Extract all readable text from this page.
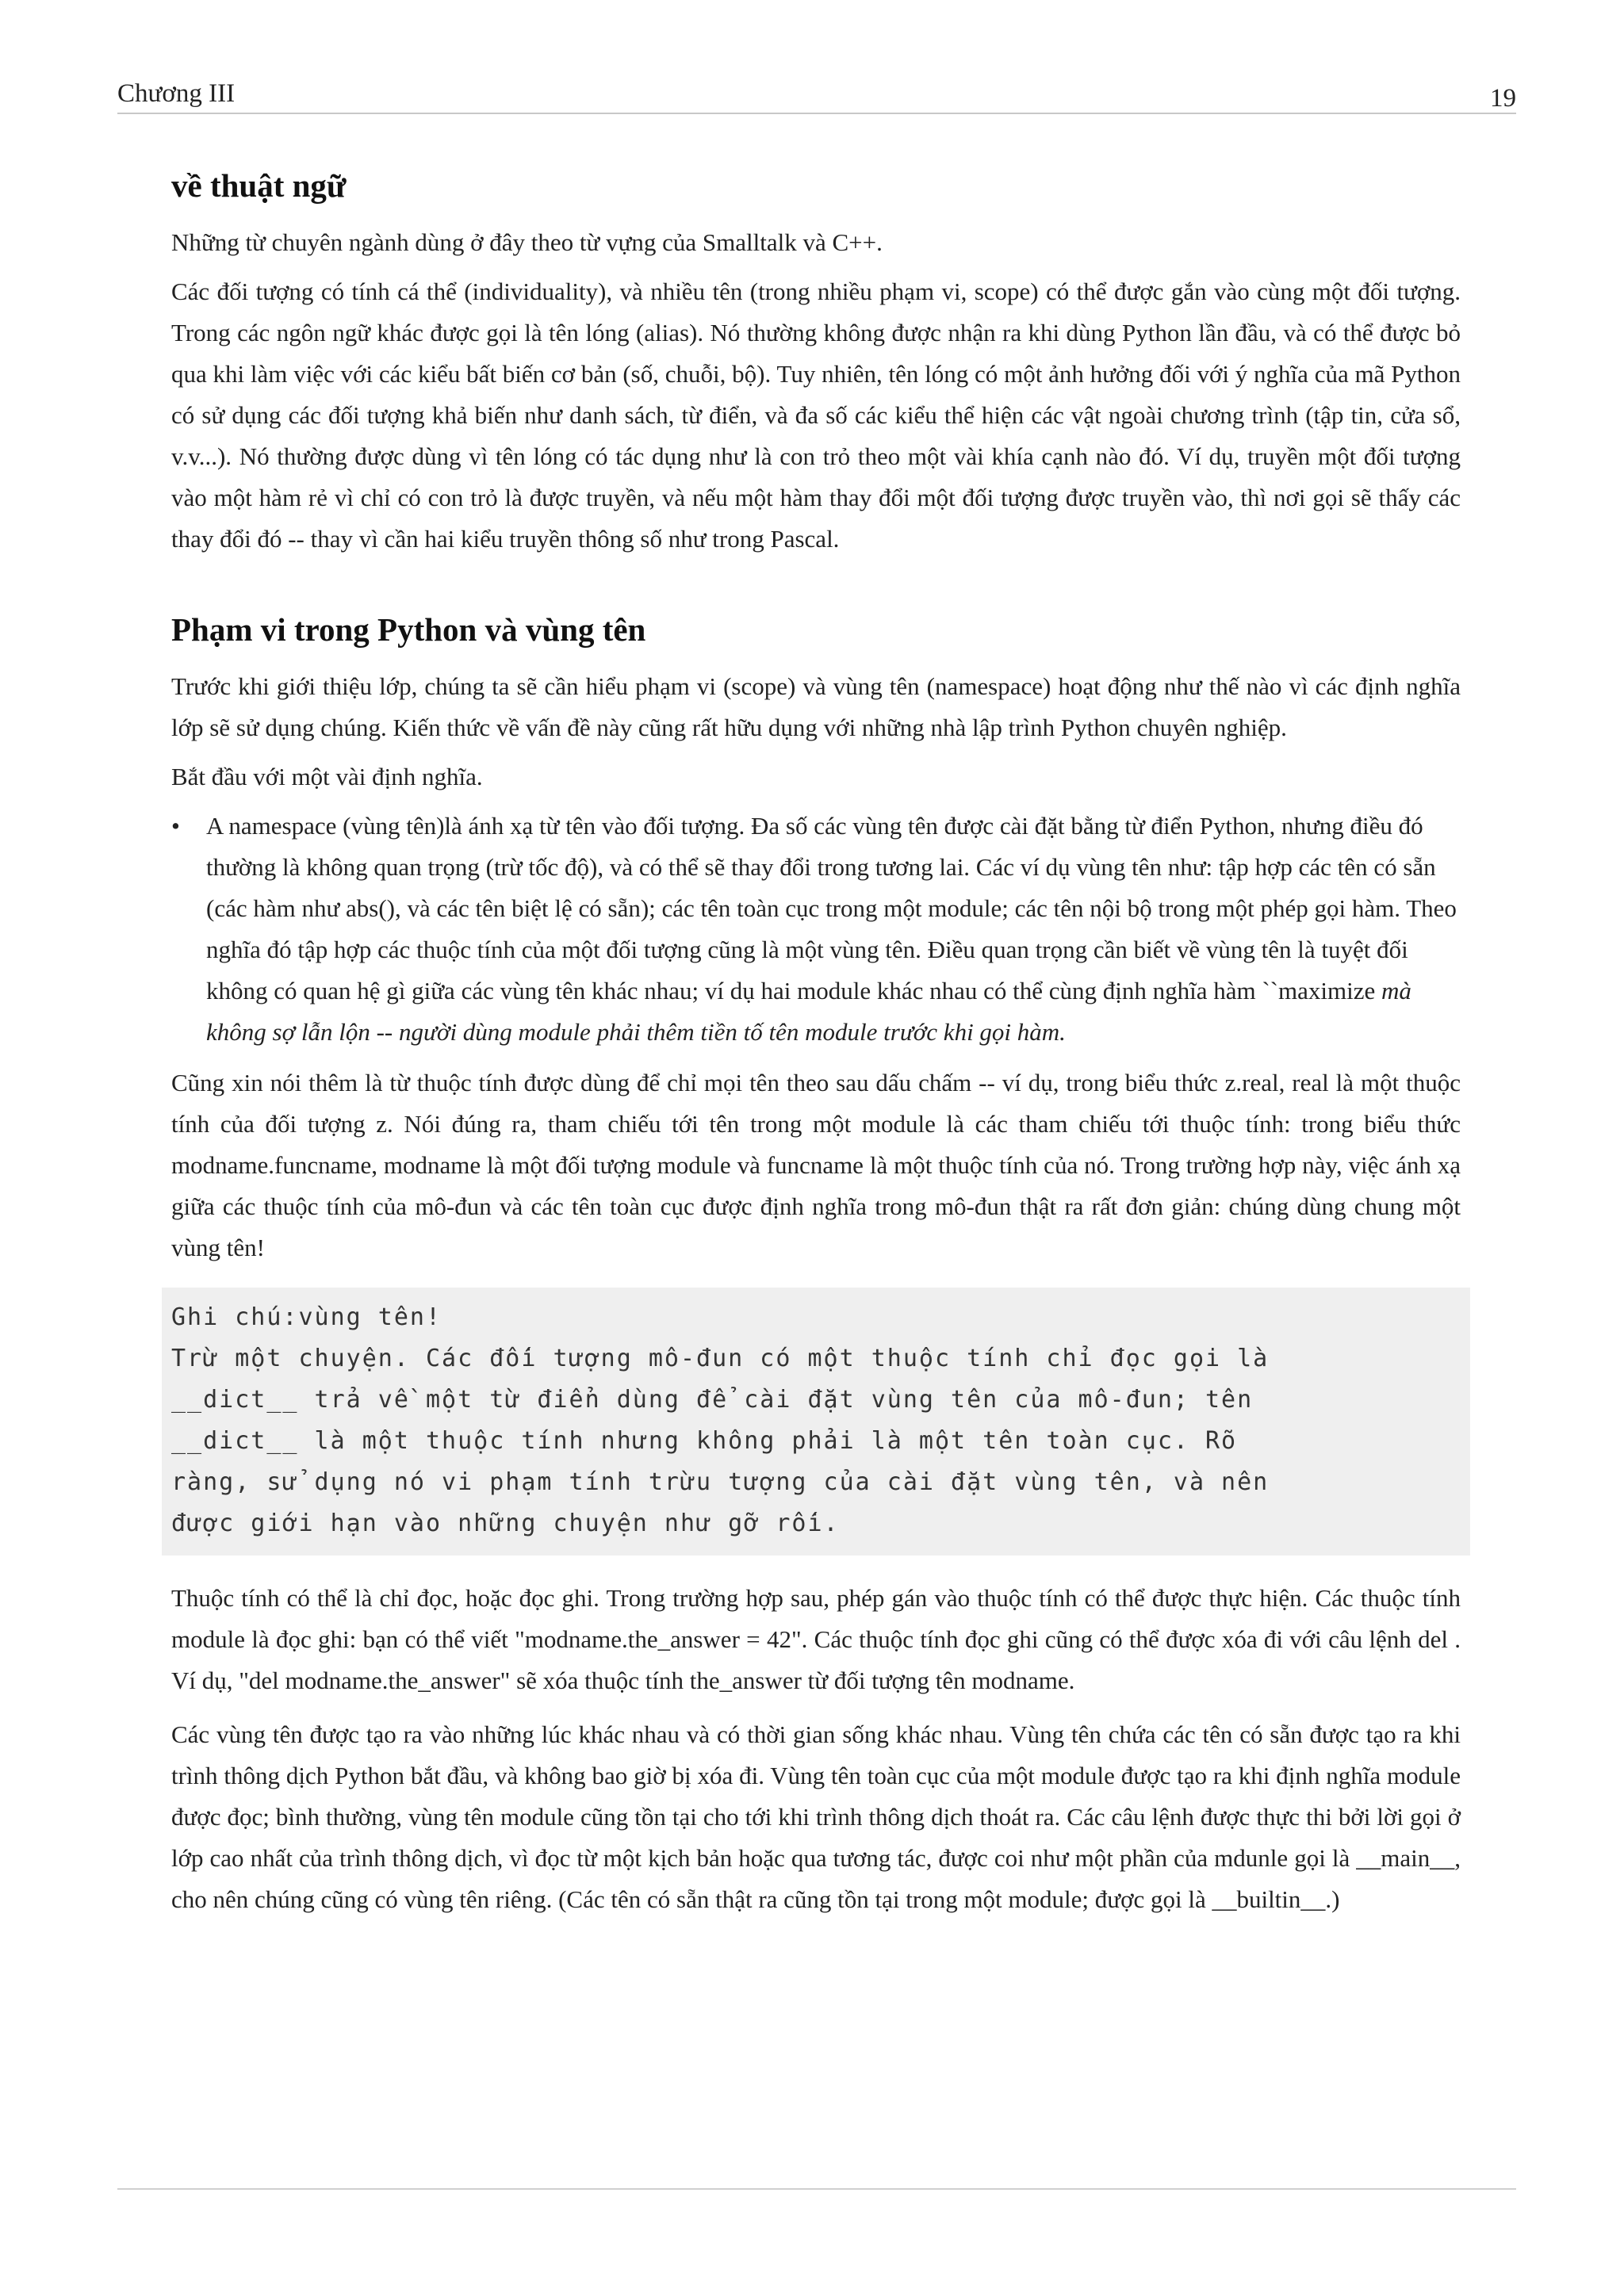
Chương III	19
về thuật ngữ

Những từ chuyên ngành dùng ở đây theo từ vựng của Smalltalk và C++.

Các đối tượng có tính cá thể (individuality), và nhiều tên (trong nhiều phạm vi, scope) có thể được gắn vào cùng một đối tượng. Trong các ngôn ngữ khác được gọi là tên lóng (alias). Nó thường không được nhận ra khi dùng Python lần đầu, và có thể được bỏ qua khi làm việc với các kiểu bất biến cơ bản (số, chuỗi, bộ). Tuy nhiên, tên lóng có một ảnh hưởng đối với ý nghĩa của mã Python có sử dụng các đối tượng khả biến như danh sách, từ điển, và đa số các kiểu thể hiện các vật ngoài chương trình (tập tin, cửa sổ, v.v...). Nó thường được dùng vì tên lóng có tác dụng như là con trỏ theo một vài khía cạnh nào đó. Ví dụ, truyền một đối tượng vào một hàm rẻ vì chỉ có con trỏ là được truyền, và nếu một hàm thay đổi một đối tượng được truyền vào, thì nơi gọi sẽ thấy các thay đổi đó -- thay vì cần hai kiểu truyền thông số như trong Pascal.

Phạm vi trong Python và vùng tên

Trước khi giới thiệu lớp, chúng ta sẽ cần hiểu phạm vi (scope) và vùng tên (namespace) hoạt động như thế nào vì các định nghĩa lớp sẽ sử dụng chúng. Kiến thức về vấn đề này cũng rất hữu dụng với những nhà lập trình Python chuyên nghiệp.

Bắt đầu với một vài định nghĩa.

• A namespace (vùng tên)là ánh xạ từ tên vào đối tượng. Đa số các vùng tên được cài đặt bằng từ điển Python, nhưng điều đó thường là không quan trọng (trừ tốc độ), và có thể sẽ thay đổi trong tương lai. Các ví dụ vùng tên như: tập hợp các tên có sẵn (các hàm như abs(), và các tên biệt lệ có sẵn); các tên toàn cục trong một module; các tên nội bộ trong một phép gọi hàm. Theo nghĩa đó tập hợp các thuộc tính của một đối tượng cũng là một vùng tên. Điều quan trọng cần biết về vùng tên là tuyệt đối không có quan hệ gì giữa các vùng tên khác nhau; ví dụ hai module khác nhau có thể cùng định nghĩa hàm ``maximize mà không sợ lẫn lộn -- người dùng module phải thêm tiền tố tên module trước khi gọi hàm.

Cũng xin nói thêm là từ thuộc tính được dùng để chỉ mọi tên theo sau dấu chấm -- ví dụ, trong biểu thức z.real, real là một thuộc tính của đối tượng z. Nói đúng ra, tham chiếu tới tên trong một module là các tham chiếu tới thuộc tính: trong biểu thức modname.funcname, modname là một đối tượng module và funcname là một thuộc tính của nó. Trong trường hợp này, việc ánh xạ giữa các thuộc tính của mô-đun và các tên toàn cục được định nghĩa trong mô-đun thật ra rất đơn giản: chúng dùng chung một vùng tên!

Ghi chú:vùng tên!
Trừ một chuyện. Các đối tượng mô-đun có một thuộc tính chỉ đọc gọi là
__dict__ trả về một từ điển dùng để cài đặt vùng tên của mô-đun; tên
__dict__ là một thuộc tính nhưng không phải là một tên toàn cục. Rõ
ràng, sử dụng nó vi phạm tính trừu tượng của cài đặt vùng tên, và nên
được giới hạn vào những chuyện như gỡ rối.

Thuộc tính có thể là chỉ đọc, hoặc đọc ghi. Trong trường hợp sau, phép gán vào thuộc tính có thể được thực hiện. Các thuộc tính module là đọc ghi: bạn có thể viết "modname.the_answer = 42". Các thuộc tính đọc ghi cũng có thể được xóa đi với câu lệnh del . Ví dụ, "del modname.the_answer" sẽ xóa thuộc tính the_answer từ đối tượng tên modname.

Các vùng tên được tạo ra vào những lúc khác nhau và có thời gian sống khác nhau. Vùng tên chứa các tên có sẵn được tạo ra khi trình thông dịch Python bắt đầu, và không bao giờ bị xóa đi. Vùng tên toàn cục của một module được tạo ra khi định nghĩa module được đọc; bình thường, vùng tên module cũng tồn tại cho tới khi trình thông dịch thoát ra. Các câu lệnh được thực thi bởi lời gọi ở lớp cao nhất của trình thông dịch, vì đọc từ một kịch bản hoặc qua tương tác, được coi như một phần của mdunle gọi là __main__, cho nên chúng cũng có vùng tên riêng. (Các tên có sẵn thật ra cũng tồn tại trong một module; được gọi là __builtin__.)
